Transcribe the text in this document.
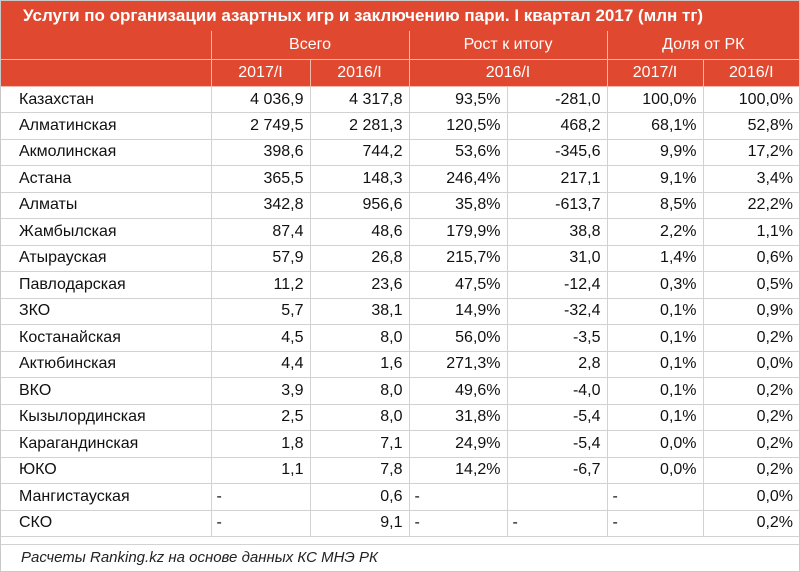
Услуги по организации азартных игр и заключению пари. I квартал 2017 (млн тг)
	Всего		Рост к итогу		Доля от РК	
	2017/I	2016/I	2016/I		2017/I	2016/I
Казахстан	4 036,9	4 317,8	93,5%	-281,0	100,0%	100,0%
Алматинская	2 749,5	2 281,3	120,5%	468,2	68,1%	52,8%
Акмолинская	398,6	744,2	53,6%	-345,6	9,9%	17,2%
Астана	365,5	148,3	246,4%	217,1	9,1%	3,4%
Алматы	342,8	956,6	35,8%	-613,7	8,5%	22,2%
Жамбылская	87,4	48,6	179,9%	38,8	2,2%	1,1%
Атырауская	57,9	26,8	215,7%	31,0	1,4%	0,6%
Павлодарская	11,2	23,6	47,5%	-12,4	0,3%	0,5%
ЗКО	5,7	38,1	14,9%	-32,4	0,1%	0,9%
Костанайская	4,5	8,0	56,0%	-3,5	0,1%	0,2%
Актюбинская	4,4	1,6	271,3%	2,8	0,1%	0,0%
ВКО	3,9	8,0	49,6%	-4,0	0,1%	0,2%
Кызылординская	2,5	8,0	31,8%	-5,4	0,1%	0,2%
Карагандинская	1,8	7,1	24,9%	-5,4	0,0%	0,2%
ЮКО	1,1	7,8	14,2%	-6,7	0,0%	0,2%
Мангистауская	-	0,6	-		-	0,0%
СКО	-	9,1	-	-	-	0,2%
Расчеты Ranking.kz на основе данных КС МНЭ РК
